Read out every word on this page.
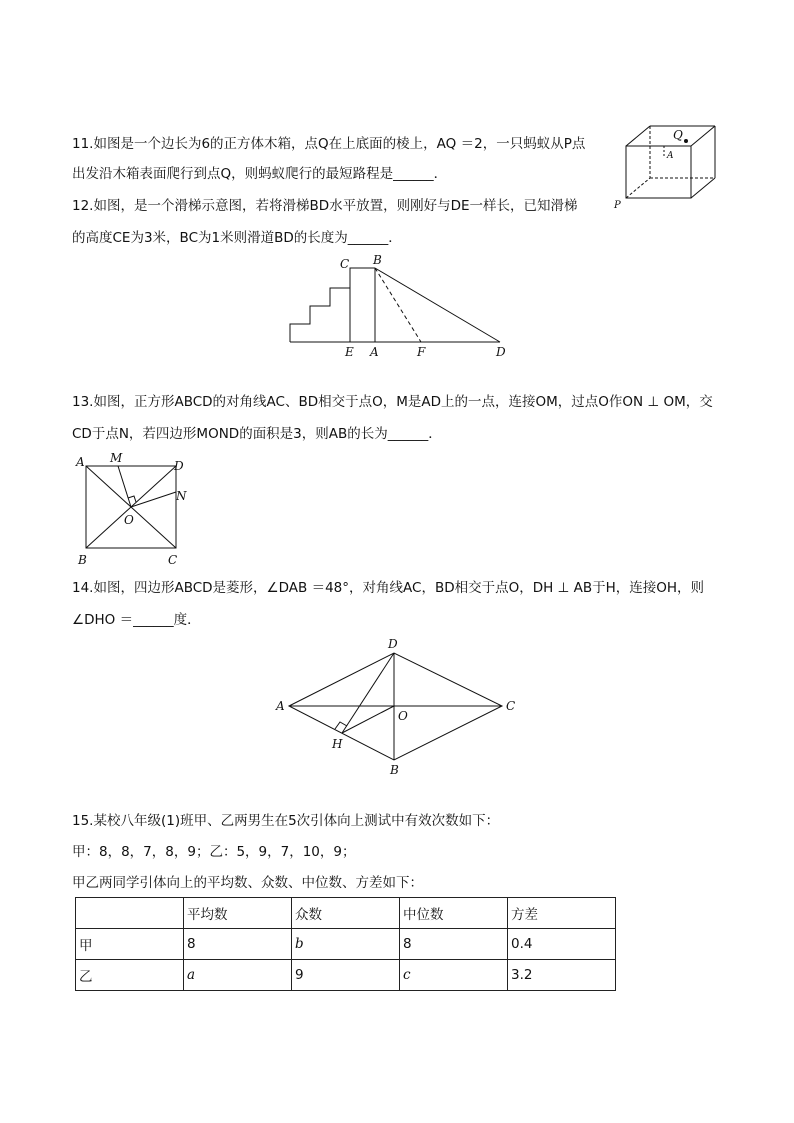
11.如图是一个边长为6的正方体木箱，点Q在上底面的棱上，AQ ＝2，一只蚂蚁从P点
出发沿木箱表面爬行到点Q，则蚂蚁爬行的最短路程是______．
Q
A
P
12.如图，是一个滑梯示意图，若将滑梯BD水平放置，则刚好与DE一样长，已知滑梯
的高度CE为3米，BC为1米则滑道BD的长度为______．
C B
E A	F	D
13.如图，正方形ABCD的对角线AC、BD相交于点O，M是AD上的一点，连接OM，过点O作ON ⊥ OM，交
CD于点N，若四边形MOND的面积是3，则AB的长为______．
A M
D
N
O
B	C
14.如图，四边形ABCD是菱形，∠DAB ＝48°，对角线AC，BD相交于点O，DH ⊥ AB于H，连接OH，则
∠DHO ＝______度．
D
A
O
C
H
B
15.某校八年级(1)班甲、乙两男生在5次引体向上测试中有效次数如下：
甲：8，8，7，8，9；乙：5，9，7，10，9；
甲乙两同学引体向上的平均数、众数、中位数、方差如下：
	平均数	众数	中位数	方差
甲	8	b	8	0.4
乙	a	9	c	3.2
